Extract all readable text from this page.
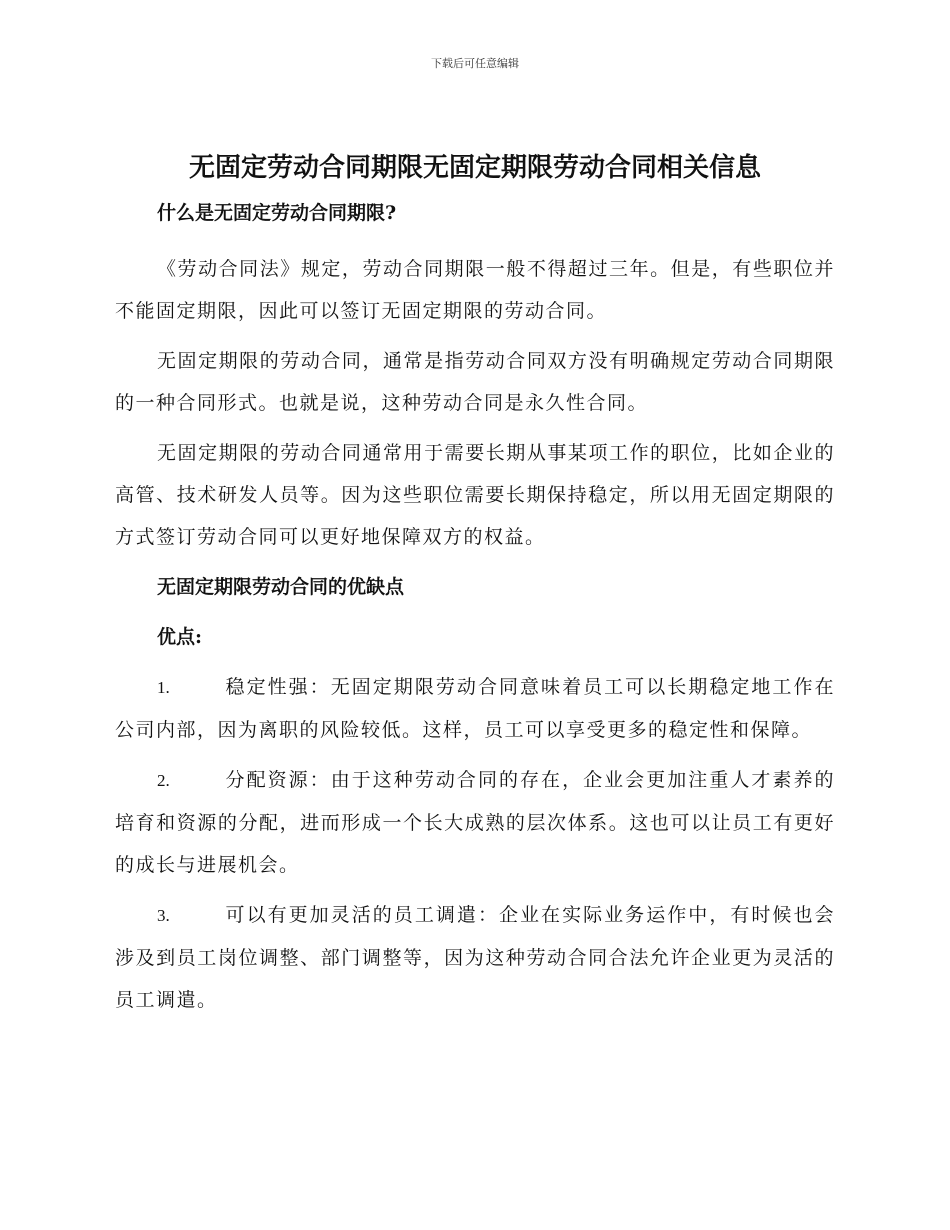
下载后可任意编辑
无固定劳动合同期限无固定期限劳动合同相关信息

什么是无固定劳动合同期限?

《劳动合同法》规定，劳动合同期限一般不得超过三年。但是，有些职位并不能固定期限，因此可以签订无固定期限的劳动合同。

无固定期限的劳动合同，通常是指劳动合同双方没有明确规定劳动合同期限的一种合同形式。也就是说，这种劳动合同是永久性合同。

无固定期限的劳动合同通常用于需要长期从事某项工作的职位，比如企业的高管、技术研发人员等。因为这些职位需要长期保持稳定，所以用无固定期限的方式签订劳动合同可以更好地保障双方的权益。

无固定期限劳动合同的优缺点

优点:

1.	稳定性强：无固定期限劳动合同意味着员工可以长期稳定地工作在公司内部，因为离职的风险较低。这样，员工可以享受更多的稳定性和保障。

2.	分配资源：由于这种劳动合同的存在，企业会更加注重人才素养的培育和资源的分配，进而形成一个长大成熟的层次体系。这也可以让员工有更好的成长与进展机会。

3.	可以有更加灵活的员工调遣：企业在实际业务运作中，有时候也会涉及到员工岗位调整、部门调整等，因为这种劳动合同合法允许企业更为灵活的员工调遣。
